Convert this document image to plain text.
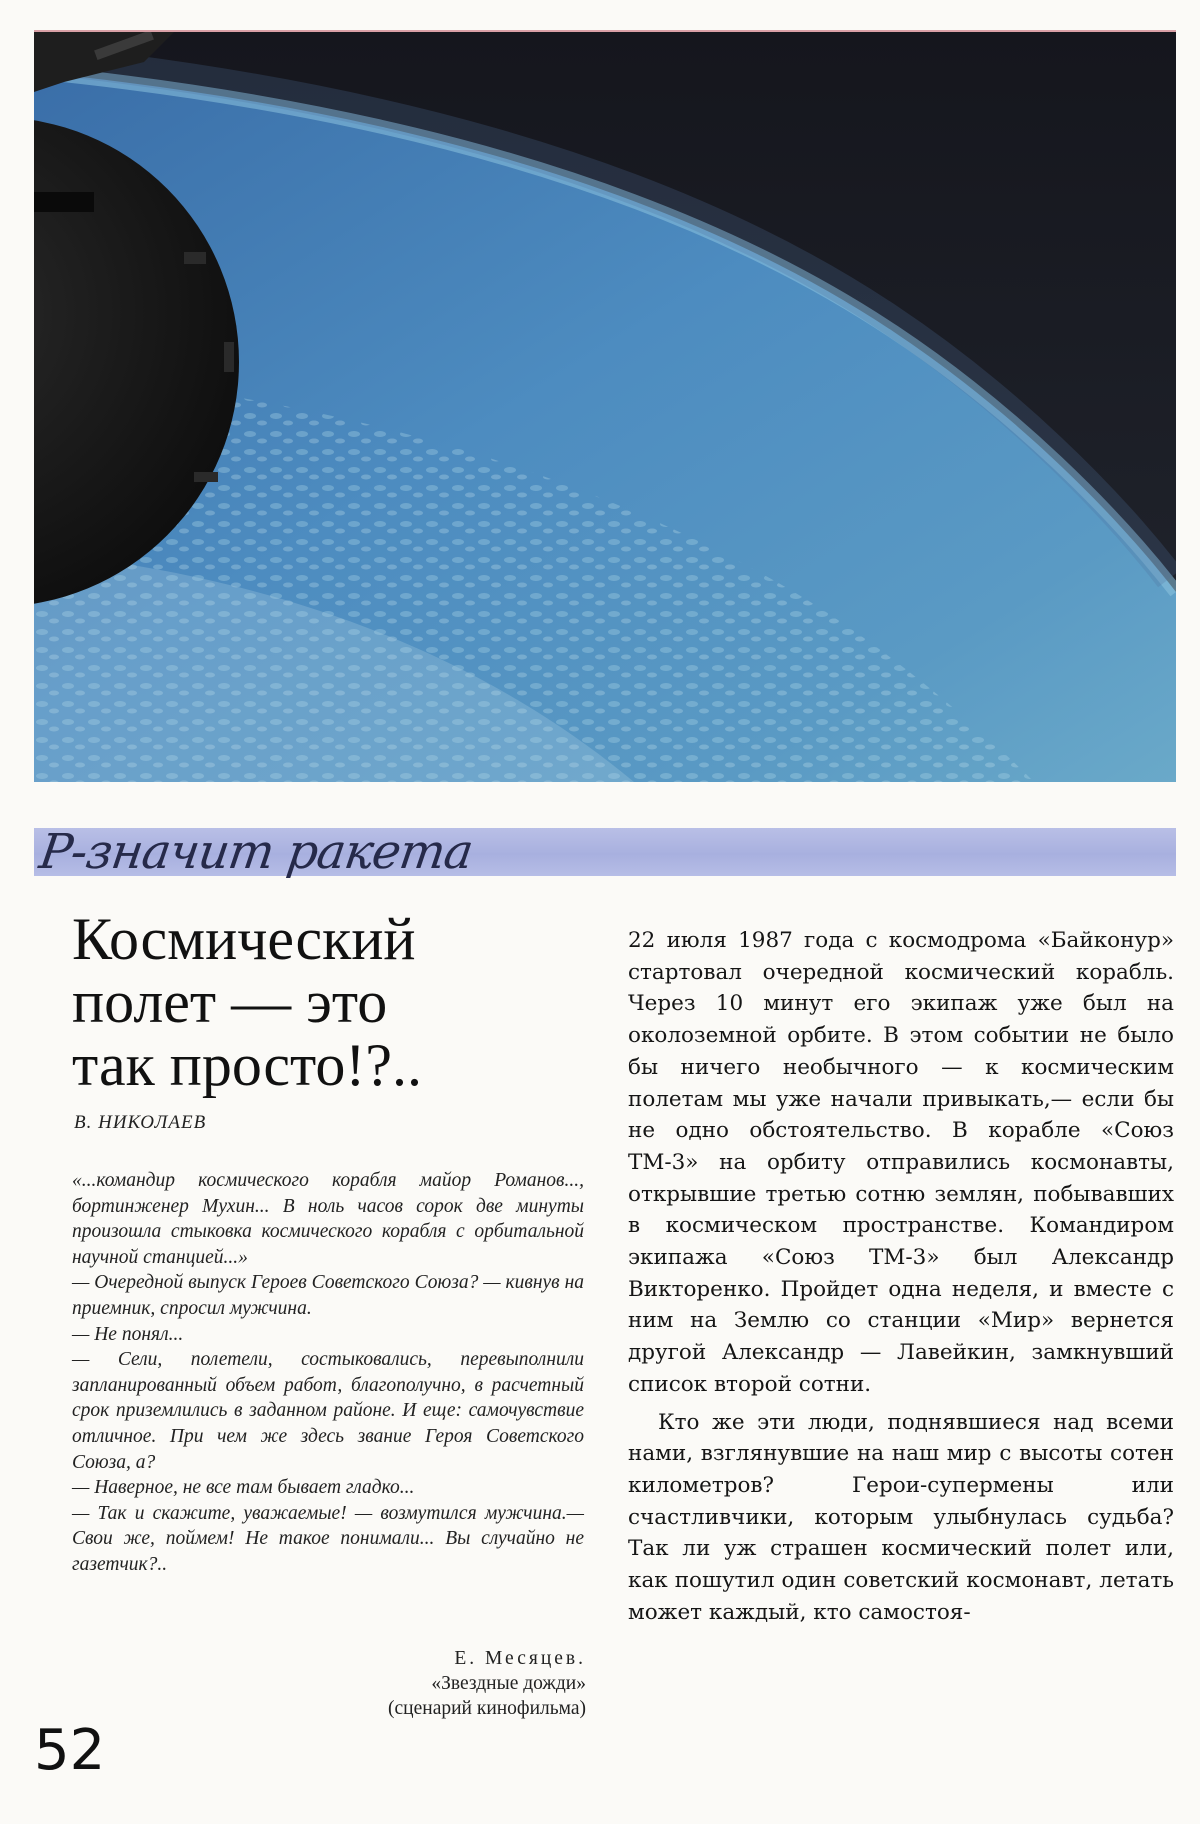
Р-значит ракета
Космический
полет — это
так просто!?..
В. НИКОЛАЕВ

«...командир космического корабля майор Романов..., бортинженер Мухин... В ноль часов сорок две минуты произошла стыковка космического корабля с орбитальной научной станцией...»

— Очередной выпуск Героев Советского Союза? — кивнув на приемник, спросил мужчина.

— Не понял...

— Сели, полетели, состыковались, перевыполнили запланированный объем работ, благополучно, в расчетный срок приземлились в заданном районе. И еще: самочувствие отличное. При чем же здесь звание Героя Советского Союза, а?

— Наверное, не все там бывает гладко...

— Так и скажите, уважаемые! — возмутился мужчина.— Свои же, поймем! Не такое понимали... Вы случайно не газетчик?..

Е. Месяцев.
«Звездные дожди»
(сценарий кинофильма)

22 июля 1987 года с космодрома «Байконур» стартовал очередной космический корабль. Через 10 минут его экипаж уже был на околоземной орбите. В этом событии не было бы ничего необычного — к космическим полетам мы уже начали привыкать,— если бы не одно обстоятельство. В корабле «Союз ТМ-3» на орбиту отправились космонавты, открывшие третью сотню землян, побывавших в космическом пространстве. Командиром экипажа «Союз ТМ-3» был Александр Викторенко. Пройдет одна неделя, и вместе с ним на Землю со станции «Мир» вернется другой Александр — Лавейкин, замкнувший список второй сотни.

Кто же эти люди, поднявшиеся над всеми нами, взглянувшие на наш мир с высоты сотен километров? Герои-супермены или счастливчики, которым улыбнулась судьба? Так ли уж страшен космический полет или, как пошутил один советский космонавт, летать может каждый, кто самостоя-

52
